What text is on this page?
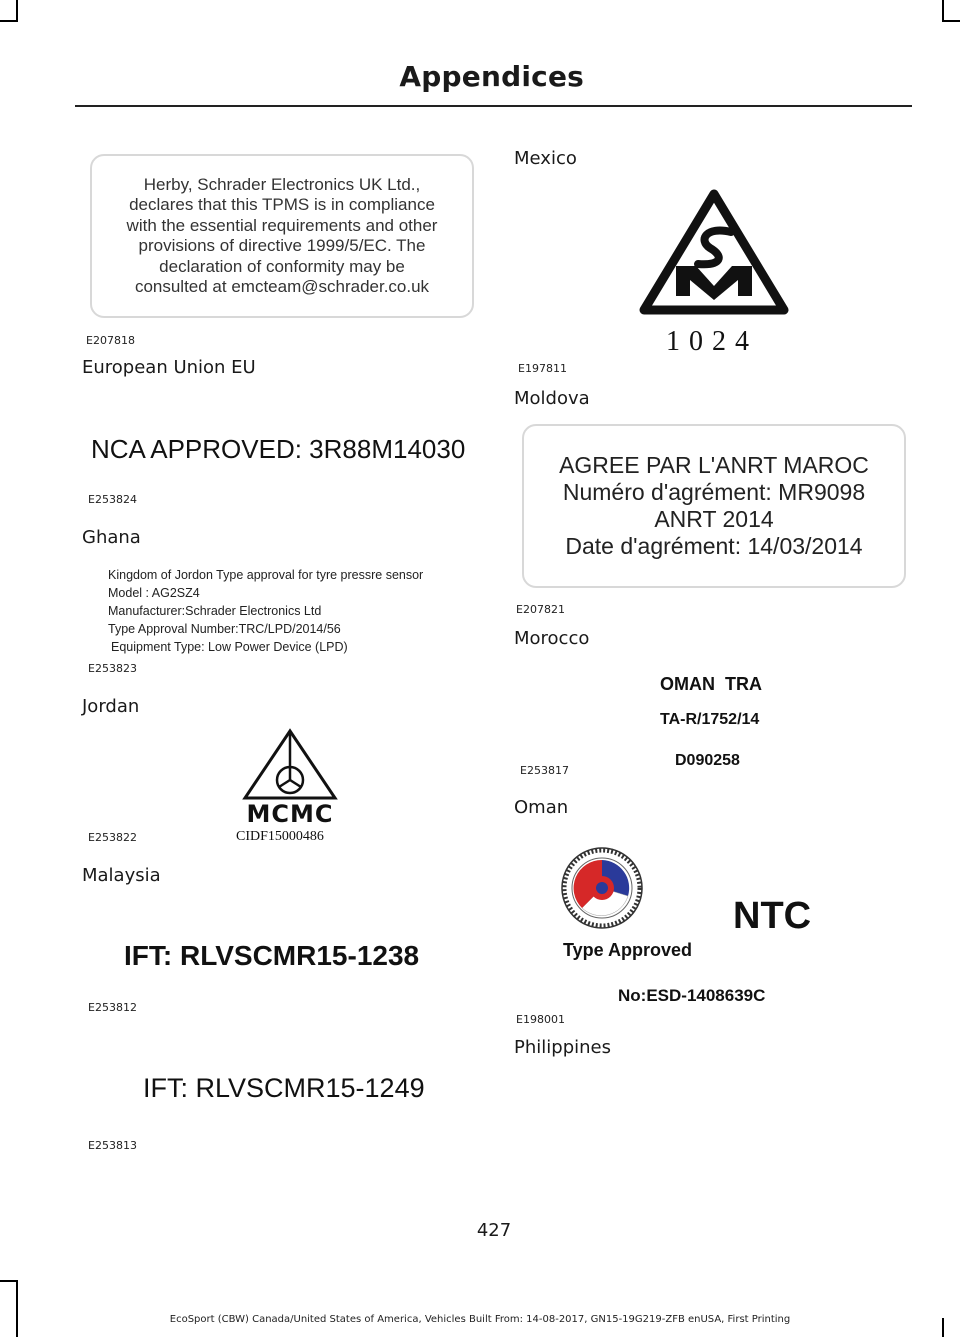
Appendices
Herby, Schrader Electronics UK Ltd.,
declares that this TPMS is in compliance
with the essential requirements and other
provisions of directive 1999/5/EC. The
declaration of conformity may be
consulted at emcteam@schrader.co.uk
E207818
European Union EU
NCA APPROVED: 3R88M14030
E253824
Ghana
Kingdom of Jordon Type approval for tyre pressre sensor
Model : AG2SZ4
Manufacturer:Schrader Electronics Ltd
Type Approval Number:TRC/LPD/2014/56
Equipment Type: Low Power Device (LPD)
E253823
Jordan
MCMC
CIDF15000486
E253822
Malaysia
IFT: RLVSCMR15-1238
E253812
IFT: RLVSCMR15-1249
E253813
Mexico
1024
E197811
Moldova
AGREE PAR L'ANRT MAROC
Numéro d'agrément: MR9098
ANRT 2014
Date d'agrément: 14/03/2014
E207821
Morocco
OMAN  TRA
TA-R/1752/14
D090258
E253817
Oman
NTC
Type Approved
No:ESD-1408639C
E198001
Philippines
427
EcoSport (CBW) Canada/United States of America, Vehicles Built From: 14-08-2017, GN15-19G219-ZFB enUSA, First Printing
